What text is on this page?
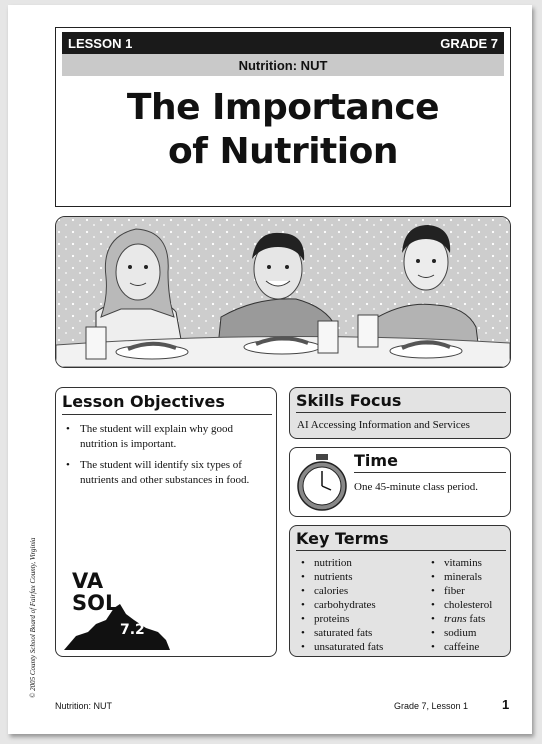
LESSON 1	GRADE 7
Nutrition: NUT
The Importance
of Nutrition
Lesson Objectives
• The student will explain why good nutrition is important.
• The student will identify six types of nutrients and other substances in food.
VA
SOL
7.2
Skills Focus
AI Accessing Information and Services
Time
One 45-minute class period.
Key Terms
• nutrition
• nutrients
• calories
• carbohydrates
• proteins
• saturated fats
• unsaturated fats
• vitamins
• minerals
• fiber
• cholesterol
• trans fats
• sodium
• caffeine
© 2005 County School Board of Fairfax County, Virginia
Nutrition: NUT	Grade 7, Lesson 1	1
